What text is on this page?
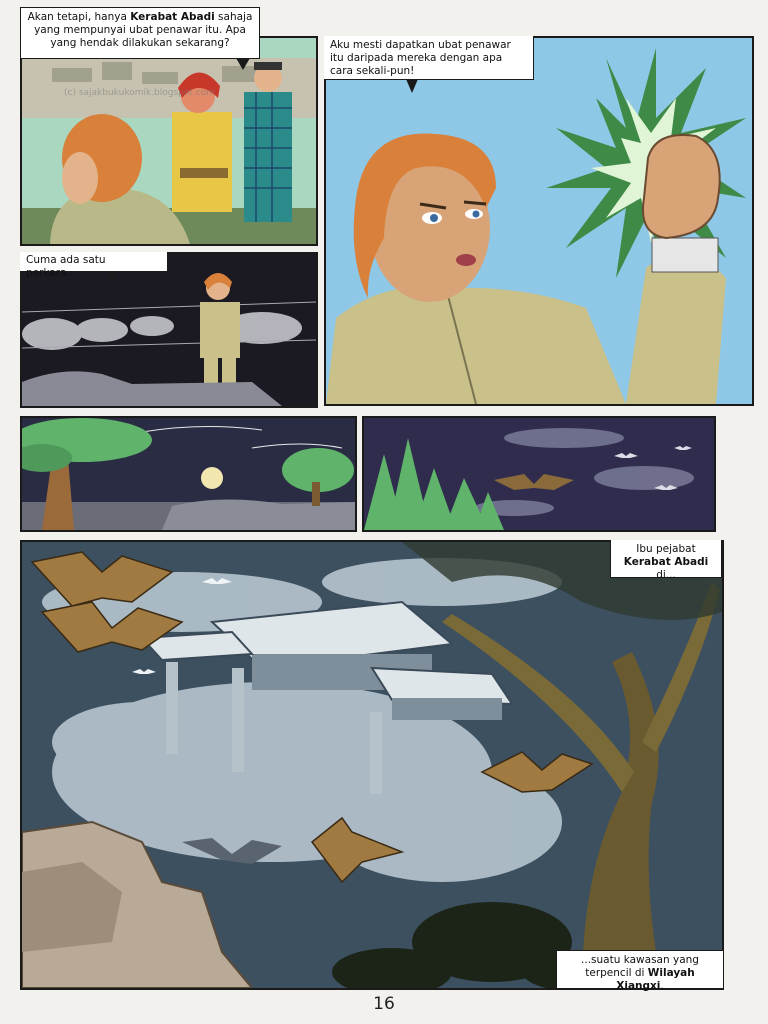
(c) sajakbukukomik.blogspot.com
Akan tetapi, hanya Kerabat Abadi sahaja yang mempunyai ubat penawar itu. Apa yang hendak dilakukan sekarang?	Aku mesti dapatkan ubat penawar itu daripada mereka dengan apa cara sekali-pun!
Cuma ada satu perkara....
Ibu pejabat
Kerabat Abadi di...
...suatu kawasan yang
terpencil di Wilayah Xiangxi.
16
